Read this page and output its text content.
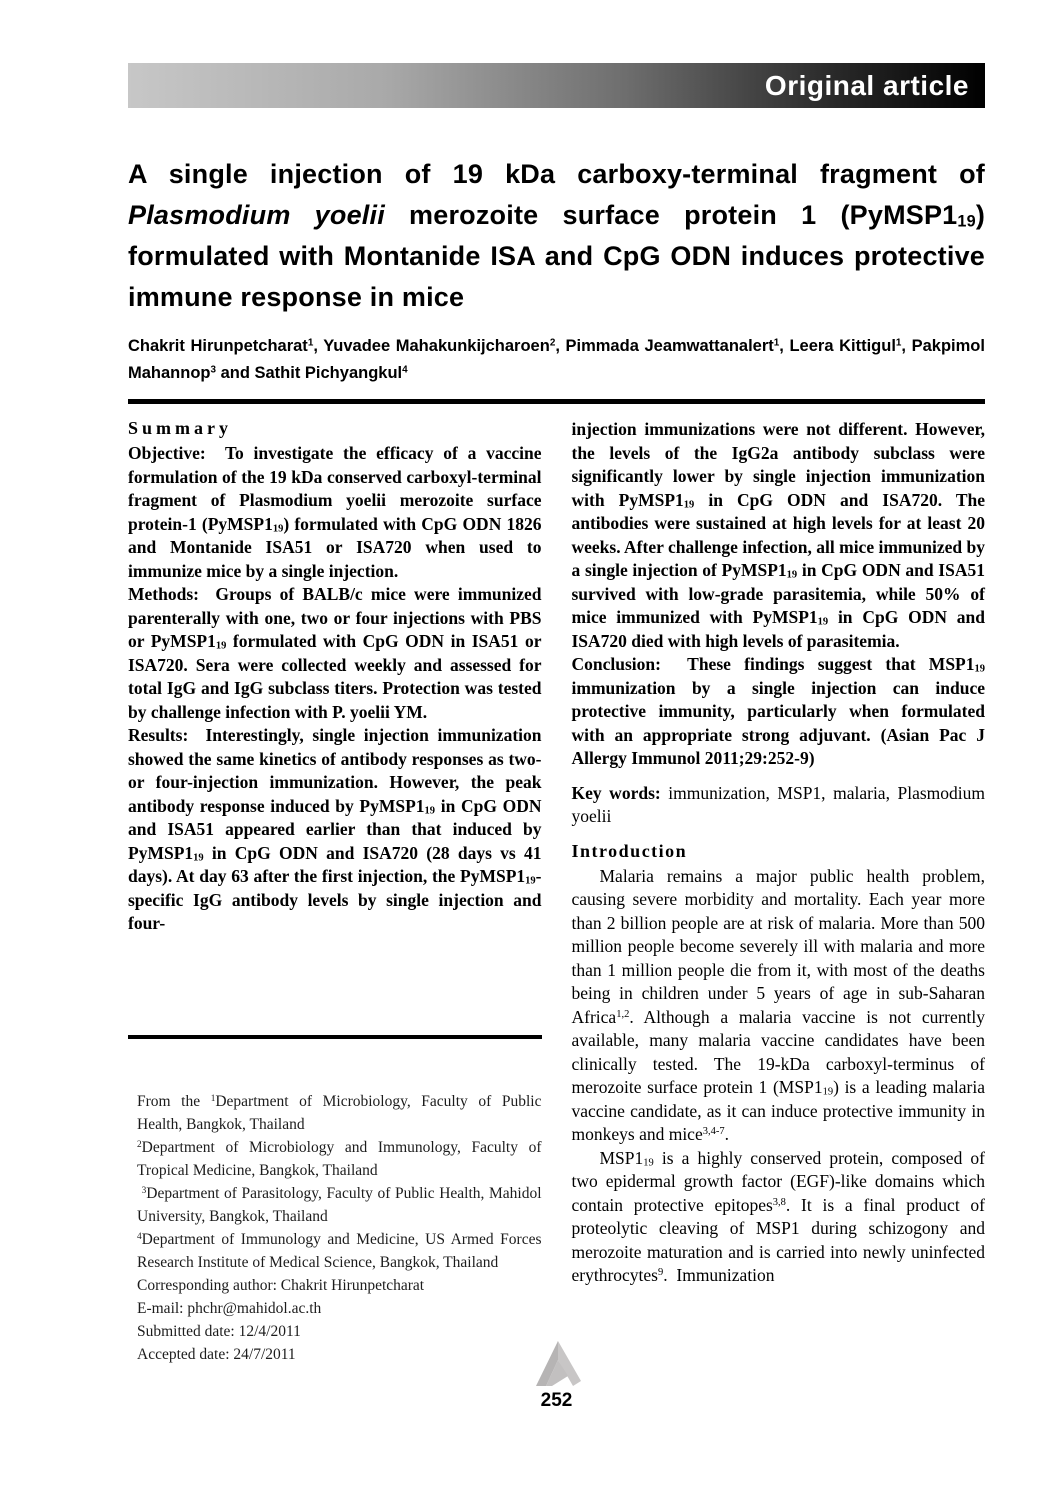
Original article
A single injection of 19 kDa carboxy-terminal fragment of Plasmodium yoelii merozoite surface protein 1 $(PyMSP1_{19})$ formulated with Montanide ISA and CpG ODN induces protective immune response in mice

Chakrit Hirunpetcharat$^1$, Yuvadee Mahakunkijcharoen$^2$, Pimmada Jeamwattanalert$^1$, Leera Kittigul$^1$, Pakpimol Mahannop$^3$ and Sathit Pichyangkul$^4$

Summary

Objective:  To investigate the efficacy of a vaccine formulation of the 19 kDa conserved carboxyl-terminal fragment of Plasmodium yoelii merozoite surface protein-1 $(PyMSP1_{19})$ formulated with CpG ODN 1826 and Montanide ISA51 or ISA720 when used to immunize mice by a single injection.

Methods:  Groups of BALB/c mice were immunized parenterally with one, two or four injections with PBS or $PyMSP1_{19}$ formulated with CpG ODN in ISA51 or ISA720. Sera were collected weekly and assessed for total IgG and IgG subclass titers. Protection was tested by challenge infection with P. yoelii YM.

Results:  Interestingly, single injection immunization showed the same kinetics of antibody responses as two- or four-injection immunization. However, the peak antibody response induced by $PyMSP1_{19}$ in CpG ODN and ISA51 appeared earlier than that induced by $PyMSP1_{19}$ in CpG ODN and ISA720 (28 days vs 41 days). At day 63 after the first injection, the $PyMSP1_{19}$-specific IgG antibody levels by single injection and four-

From the $^1$Department of Microbiology, Faculty of Public Health, Bangkok, Thailand

$^2$Department of Microbiology and Immunology, Faculty of Tropical Medicine, Bangkok, Thailand

$^3$Department of Parasitology, Faculty of Public Health, Mahidol University, Bangkok, Thailand

$^4$Department of Immunology and Medicine, US Armed Forces Research Institute of Medical Science, Bangkok, Thailand

Corresponding author: Chakrit Hirunpetcharat

E-mail: phchr@mahidol.ac.th

Submitted date: 12/4/2011

Accepted date: 24/7/2011

injection immunizations were not different. However, the levels of the IgG2a antibody subclass were significantly lower by single injection immunization with $PyMSP1_{19}$ in CpG ODN and ISA720. The antibodies were sustained at high levels for at least 20 weeks. After challenge infection, all mice immunized by a single injection of $PyMSP1_{19}$ in CpG ODN and ISA51 survived with low-grade parasitemia, while 50% of mice immunized with $PyMSP1_{19}$ in CpG ODN and ISA720 died with high levels of parasitemia.

Conclusion:  These findings suggest that $MSP1_{19}$ immunization by a single injection can induce protective immunity, particularly when formulated with an appropriate strong adjuvant. (Asian Pac J Allergy Immunol 2011;29:252-9)

Key words: immunization, MSP1, malaria, Plasmodium yoelii

Introduction

Malaria remains a major public health problem, causing severe morbidity and mortality. Each year more than 2 billion people are at risk of malaria. More than 500 million people become severely ill with malaria and more than 1 million people die from it, with most of the deaths being in children under 5 years of age in sub-Saharan Africa$^{1,2}$. Although a malaria vaccine is not currently available, many malaria vaccine candidates have been clinically tested. The 19-kDa carboxyl-terminus of merozoite surface protein 1 $(MSP1_{19})$ is a leading malaria vaccine candidate, as it can induce protective immunity in monkeys and mice$^{3,4-7}$.

$MSP1_{19}$ is a highly conserved protein, composed of two epidermal growth factor (EGF)-like domains which contain protective epitopes$^{3,8}$. It is a final product of proteolytic cleaving of MSP1 during schizogony and merozoite maturation and is carried into newly uninfected erythrocytes$^9$.  Immunization

252
